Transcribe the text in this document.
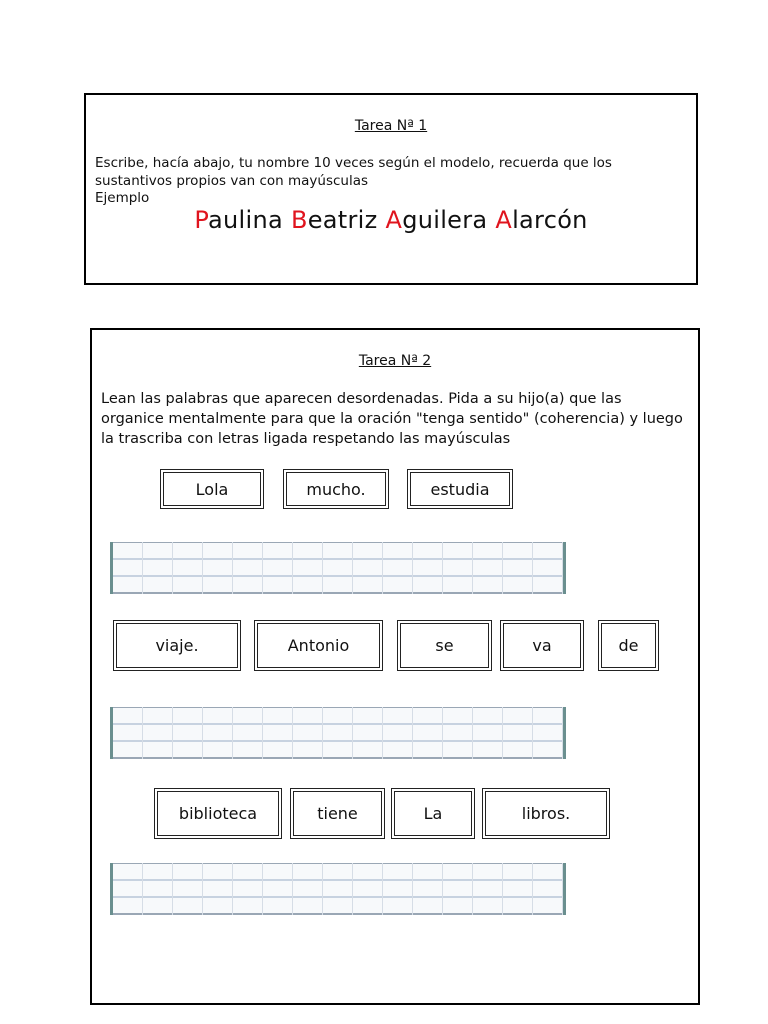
Tarea Nª 1
Escribe, hacía abajo, tu nombre 10 veces según el modelo, recuerda que los sustantivos propios van con mayúsculas
Ejemplo
Paulina Beatriz Aguilera Alarcón
Tarea Nª 2
Lean las palabras que aparecen desordenadas. Pida a su hijo(a) que las organice mentalmente para que la oración "tenga sentido" (coherencia) y luego la trascriba con letras ligada respetando las mayúsculas
Lola	mucho.	estudia
viaje.	Antonio	se	va	de
biblioteca	tiene	La	libros.
